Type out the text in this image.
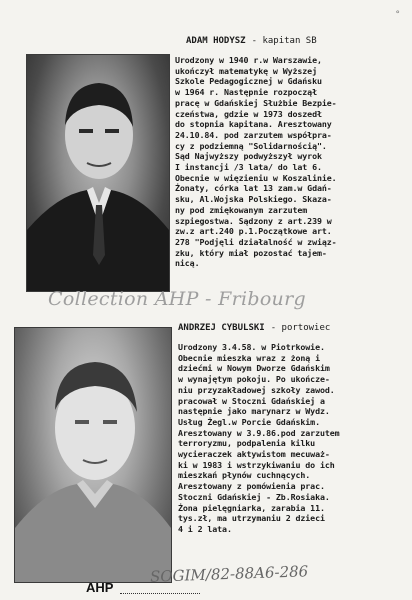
°
ADAM HODYSZ - kapitan SB
Urodzony w 1940 r.w Warszawie,
ukończył matematykę w Wyższej
Szkole Pedagogicznej w Gdańsku
w 1964 r. Następnie rozpoczął
pracę w Gdańskiej Służbie Bezpie-
czeństwa, gdzie w 1973 doszedł
do stopnia kapitana. Aresztowany
24.10.84. pod zarzutem współpra-
cy z podziemną "Solidarnością".
Sąd Najwyższy podwyższył wyrok
I instancji /3 lata/ do lat 6.
Obecnie w więzieniu w Koszalinie.
Żonaty, córka lat 13 zam.w Gdań-
sku, Al.Wojska Polskiego. Skaza-
ny pod zmiękowanym zarzutem
szpiegostwa. Sądzony z art.239 w
zw.z art.240 p.1.Początkowe art.
278 "Podjęli działalność w związ-
zku, który miał pozostać tajem-
nicą.
Collection AHP - Fribourg
ANDRZEJ CYBULSKI - portowiec
Urodzony 3.4.58. w Piotrkowie.
Obecnie mieszka wraz z żoną i
dziećmi w Nowym Dworze Gdańskim
w wynajętym pokoju. Po ukończe-
niu przyzakładowej szkoły zawod.
pracował w Stoczni Gdańskiej a
następnie jako marynarz w Wydz.
Usług Żegl.w Porcie Gdańskim.
Aresztowany w 3.9.86.pod zarzutem
terroryzmu, podpalenia kilku
wycieraczek aktywistom mecuważ-
ki w 1983 i wstrzykiwaniu do ich
mieszkań płynów cuchnących.
Aresztowany z pomówienia prac.
Stoczni Gdańskiej - Zb.Rosiaka.
Żona pielęgniarka, zarabia 11.
tys.zł, ma utrzymaniu 2 dzieci
4 i 2 lata.
AHP
SOGIM/82-88A6-286
